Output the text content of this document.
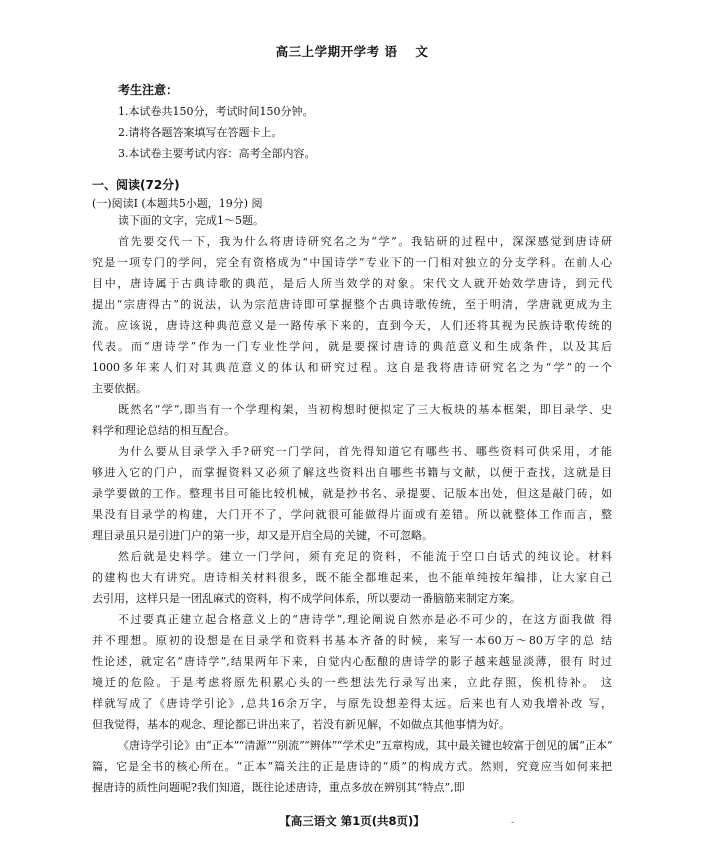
高三上学期开学考 语　 文
考生注意：
1.本试卷共150分，考试时间150分钟。
2.请将各题答案填写在答题卡上。
3.本试卷主要考试内容：高考全部内容。
一、阅读(72分)
(一)阅读Ⅰ (本题共5小题，19分) 阅
读下面的文字，完成1～5题。
首先要交代一下，我为什么将唐诗研究名之为“学”。我钻研的过程中，深深感觉到唐诗研
究是一项专门的学问，完全有资格成为“中国诗学”专业下的一门相对独立的分支学科。在前人心
目中，唐诗属于古典诗歌的典范，是后人所当效学的对象。宋代文人就开始效学唐诗，到元代
提出“宗唐得古”的说法，认为宗范唐诗即可掌握整个古典诗歌传统，至于明清，学唐就更成为主
流。应该说，唐诗这种典范意义是一路传承下来的，直到今天，人们还将其视为民族诗歌传统的
代表。而“唐诗学”作为一门专业性学问，就是要探讨唐诗的典范意义和生成条件，以及其后
1000多年来人们对其典范意义的体认和研究过程。这自是我将唐诗研究名之为“学”的一个
主要依据。
既然名“学”,即当有一个学理构架，当初构想时便拟定了三大板块的基本框架，即目录学、史
料学和理论总结的相互配合。
为什么要从目录学入手?研究一门学问，首先得知道它有哪些书、哪些资料可供采用，才能
够进入它的门户，而掌握资料又必须了解这些资料出自哪些书籍与文献，以便于查找，这就是目
录学要做的工作。整理书目可能比较机械，就是抄书名、录提要、记版本出处，但这是敲门砖，如
果没有目录学的构建，大门开不了，学问就很可能做得片面或有差错。所以就整体工作而言，整
理目录虽只是引进门户的第一步，却又是开启全局的关键，不可忽略。
然后就是史料学。建立一门学问，须有充足的资料，不能流于空口白话式的纯议论。材料
的建构也大有讲究。唐诗相关材料很多，既不能全都堆起来，也不能单纯按年编排，让大家自己
去引用，这样只是一团乱麻式的资料，构不成学问体系，所以要动一番脑筋来制定方案。
不过要真正建立起合格意义上的“唐诗学”,理论阐说自然亦是必不可少的，在这方面我做 得
并不理想。原初的设想是在目录学和资料书基本齐备的时候，来写一本60万～80万字的总 结
性论述，就定名“唐诗学”,结果两年下来，自觉内心酝酿的唐诗学的影子越来越显淡薄，很有 时过
境迁的危险。于是考虑将原先积累心头的一些想法先行录写出来，立此存照，俟机待补。 这
样就写成了《唐诗学引论》,总共16余万字，与原先设想差得太远。后来也有人劝我增补改 写，
但我觉得，基本的观念、理论都已讲出来了，若没有新见解，不如做点其他事情为好。
《唐诗学引论》由“正本”“清源”“别流”“辨体”“学术史”五章构成，其中最关键也较富于创见的属“正本”
篇，它是全书的核心所在。“正本”篇关注的正是唐诗的“质”的构成方式。然则，究竟应当如何来把
握唐诗的质性问题呢?我们知道，既往论述唐诗，重点多放在辨别其“特点”,即
【高三语文 第1页(共8页)】	-
